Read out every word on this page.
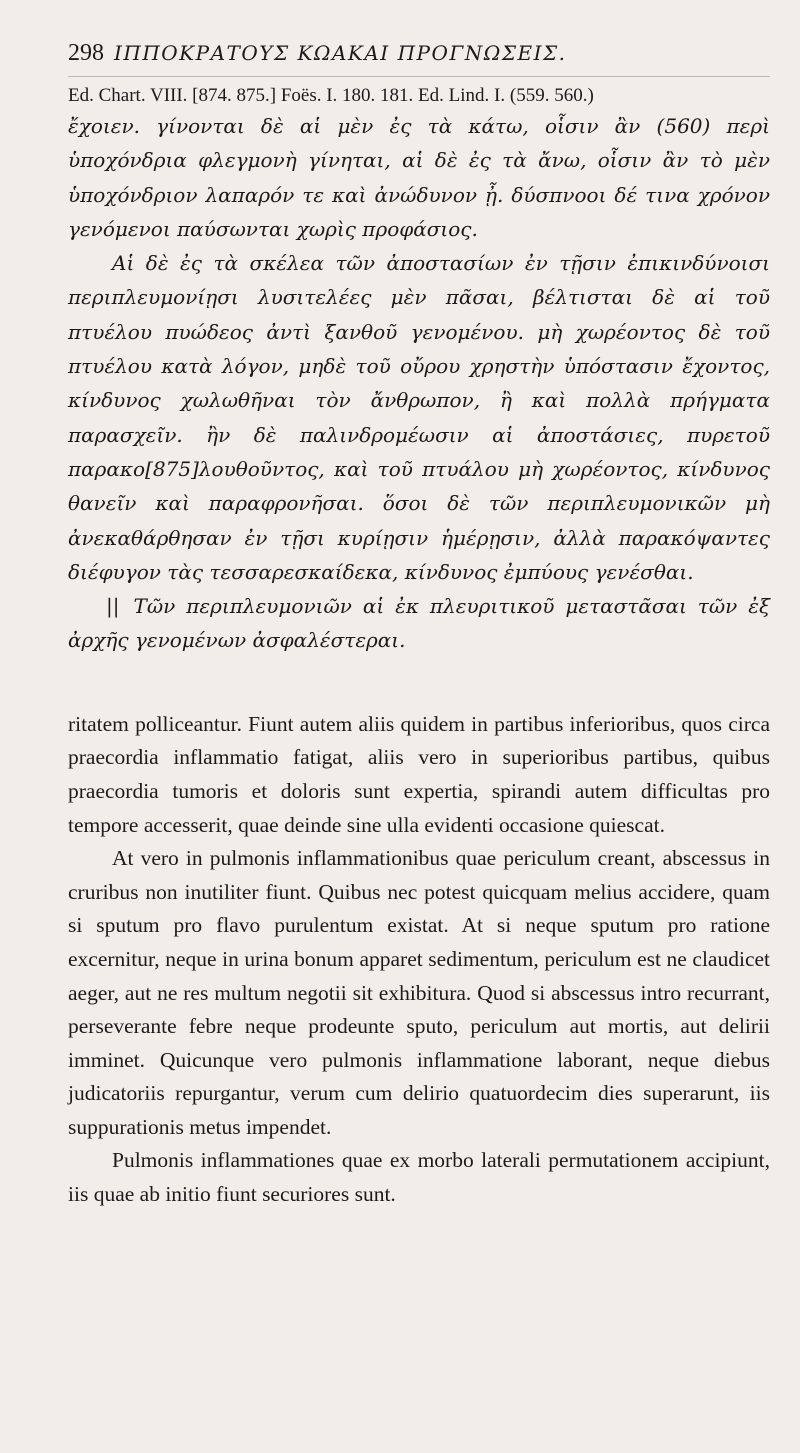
298 ΙΠΠΟΚΡΑΤΟΥΣ ΚΩΑΚΑΙ ΠΡΟΓΝΩΣΕΙΣ.
Ed. Chart. VIII. [874. 875.] Foës. I. 180. 181. Ed. Lind. I. (559. 560.)

ἔχοιεν. γίνονται δὲ αἱ μὲν ἐς τὰ κάτω, οἷσιν ἂν (560) περὶ ὑποχόνδρια φλεγμονὴ γίνηται, αἱ δὲ ἐς τὰ ἄνω, οἷσιν ἂν τὸ μὲν ὑποχόνδριον λαπαρόν τε καὶ ἀνώδυνον ᾖ. δύσπνοοι δέ τινα χρόνον γενόμενοι παύσωνται χωρὶς προφάσιος.

Αἱ δὲ ἐς τὰ σκέλεα τῶν ἀποστασίων ἐν τῇσιν ἐπικινδύνοισι περιπλευμονίῃσι λυσιτελέες μὲν πᾶσαι, βέλτισται δὲ αἱ τοῦ πτυέλου πυώδεος ἀντὶ ξανθοῦ γενομένου. μὴ χωρέοντος δὲ τοῦ πτυέλου κατὰ λόγον, μηδὲ τοῦ οὔρου χρηστὴν ὑπόστασιν ἔχοντος, κίνδυνος χωλωθῆναι τὸν ἄνθρωπον, ἢ καὶ πολλὰ πρήγματα παρασχεῖν. ἢν δὲ παλινδρομέωσιν αἱ ἀποστάσιες, πυρετοῦ παρακο[875]λουθοῦντος, καὶ τοῦ πτυάλου μὴ χωρέοντος, κίνδυνος θανεῖν καὶ παραφρονῆσαι. ὅσοι δὲ τῶν περιπλευμονικῶν μὴ ἀνεκαθάρθησαν ἐν τῇσι κυρίῃσιν ἡμέρῃσιν, ἀλλὰ παρακόψαντες διέφυγον τὰς τεσσαρεσκαίδεκα, κίνδυνος ἐμπύους γενέσθαι.

|| Τῶν περιπλευμονιῶν αἱ ἐκ πλευριτικοῦ μεταστᾶσαι τῶν ἐξ ἀρχῆς γενομένων ἀσφαλέστεραι.

ritatem polliceantur. Fiunt autem aliis quidem in partibus inferioribus, quos circa praecordia inflammatio fatigat, aliis vero in superioribus partibus, quibus praecordia tumoris et doloris sunt expertia, spirandi autem difficultas pro tempore accesserit, quae deinde sine ulla evidenti occasione quiescat.

At vero in pulmonis inflammationibus quae periculum creant, abscessus in cruribus non inutiliter fiunt. Quibus nec potest quicquam melius accidere, quam si sputum pro flavo purulentum existat. At si neque sputum pro ratione excernitur, neque in urina bonum apparet sedimentum, periculum est ne claudicet aeger, aut ne res multum negotii sit exhibitura. Quod si abscessus intro recurrant, perseverante febre neque prodeunte sputo, periculum aut mortis, aut delirii imminet. Quicunque vero pulmonis inflammatione laborant, neque diebus judicatoriis repurgantur, verum cum delirio quatuordecim dies superarunt, iis suppurationis metus impendet.

Pulmonis inflammationes quae ex morbo laterali permutationem accipiunt, iis quae ab initio fiunt securiores sunt.
